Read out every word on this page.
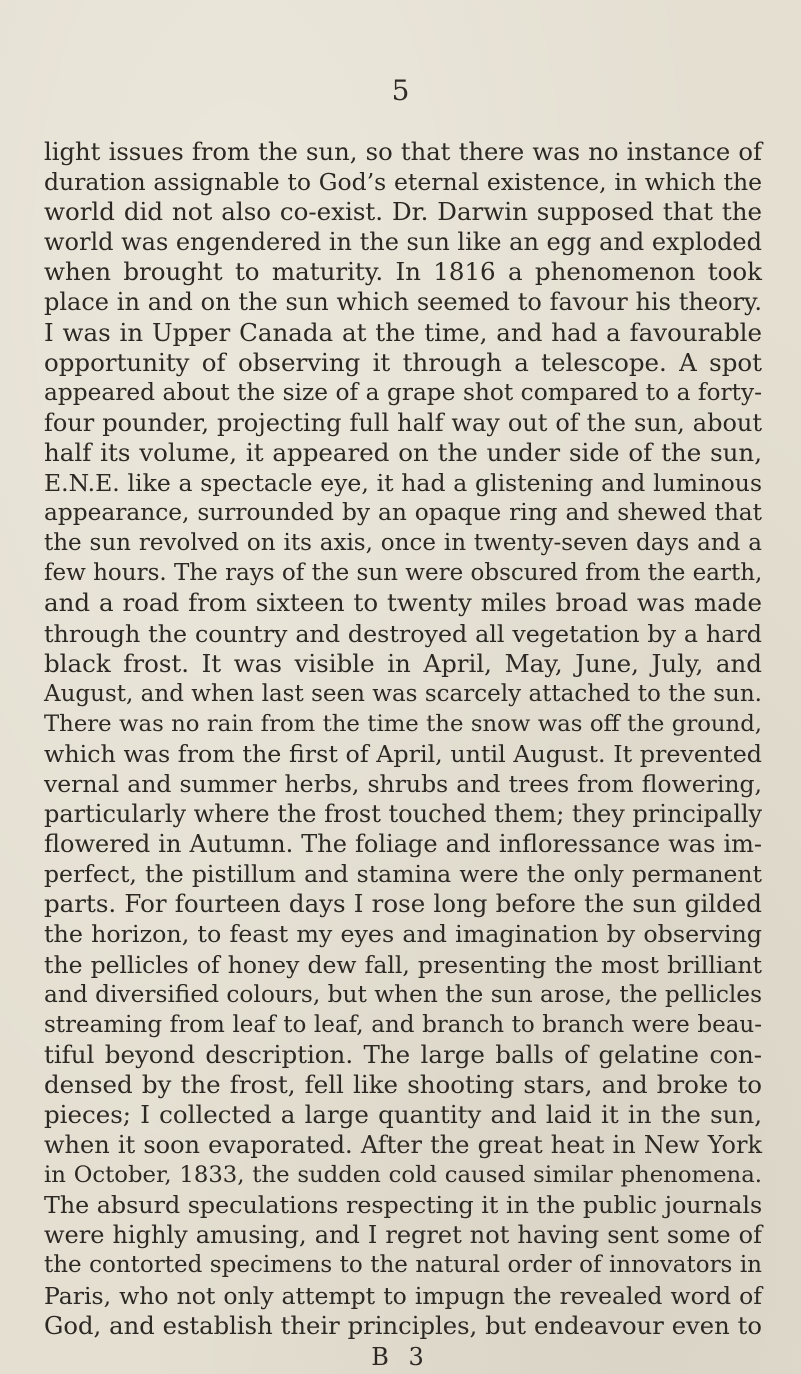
5
light issues from the sun, so that there was no instance of
duration assignable to God’s eternal existence, in which the
world did not also co-exist. Dr. Darwin supposed that the
world was engendered in the sun like an egg and exploded
when brought to maturity. In 1816 a phenomenon took
place in and on the sun which seemed to favour his theory.
I was in Upper Canada at the time, and had a favourable
opportunity of observing it through a telescope. A spot
appeared about the size of a grape shot compared to a forty-
four pounder, projecting full half way out of the sun, about
half its volume, it appeared on the under side of the sun,
E.N.E. like a spectacle eye, it had a glistening and luminous
appearance, surrounded by an opaque ring and shewed that
the sun revolved on its axis, once in twenty-seven days and a
few hours. The rays of the sun were obscured from the earth,
and a road from sixteen to twenty miles broad was made
through the country and destroyed all vegetation by a hard
black frost. It was visible in April, May, June, July, and
August, and when last seen was scarcely attached to the sun.
There was no rain from the time the snow was off the ground,
which was from the first of April, until August. It prevented
vernal and summer herbs, shrubs and trees from flowering,
particularly where the frost touched them; they principally
flowered in Autumn. The foliage and infloressance was im-
perfect, the pistillum and stamina were the only permanent
parts. For fourteen days I rose long before the sun gilded
the horizon, to feast my eyes and imagination by observing
the pellicles of honey dew fall, presenting the most brilliant
and diversified colours, but when the sun arose, the pellicles
streaming from leaf to leaf, and branch to branch were beau-
tiful beyond description. The large balls of gelatine con-
densed by the frost, fell like shooting stars, and broke to
pieces; I collected a large quantity and laid it in the sun,
when it soon evaporated. After the great heat in New York
in October, 1833, the sudden cold caused similar phenomena.
The absurd speculations respecting it in the public journals
were highly amusing, and I regret not having sent some of
the contorted specimens to the natural order of innovators in
Paris, who not only attempt to impugn the revealed word of
God, and establish their principles, but endeavour even to
B 3
